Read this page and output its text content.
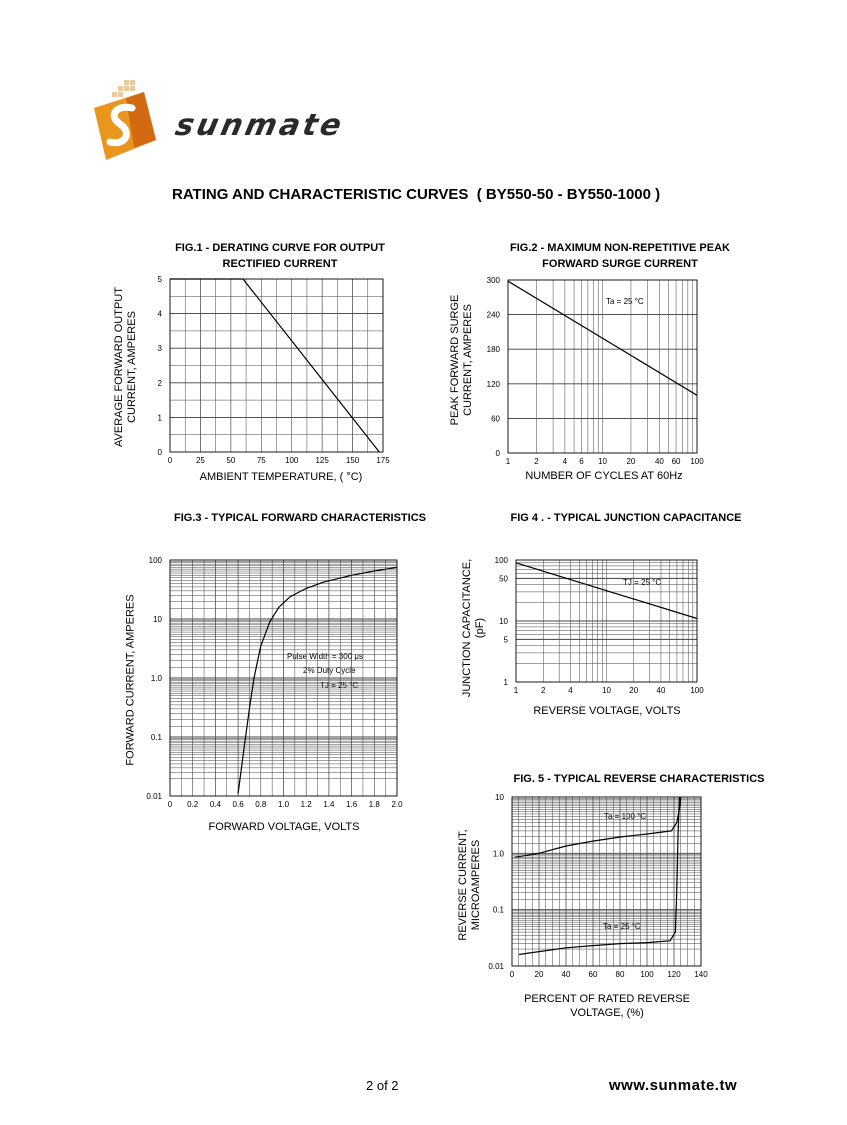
sunmate
RATING AND CHARACTERISTIC CURVES  ( BY550-50 - BY550-1000 )
FIG.1 - DERATING CURVE FOR OUTPUT
RECTIFIED CURRENT
AVERAGE FORWARD OUTPUT
CURRENT, AMPERES
AMBIENT TEMPERATURE, ( °C)
0	25	50	75 100 125 150 175
0
1
2
3
4
5
FIG.2 - MAXIMUM NON-REPETITIVE PEAK
FORWARD SURGE CURRENT
PEAK FORWARD SURGE
CURRENT, AMPERES
NUMBER OF CYCLES AT 60Hz
Ta = 25 °C
1	2	4 6 10 20 40 60 100
0
60
120
180
240
300
FIG.3 - TYPICAL FORWARD CHARACTERISTICS
FORWARD CURRENT, AMPERES
FORWARD VOLTAGE, VOLTS
Pulse Width = 300 μs
2% Duty Cycle
TJ = 25 °C
0 0.2 0.4 0.6 0.8 1.0 1.2 1.4 1.6 1.8 2.0
0.01
0.1
1.0
10
100
FIG 4 . - TYPICAL JUNCTION CAPACITANCE
JUNCTION CAPACITANCE,
(pF)
REVERSE VOLTAGE, VOLTS
TJ = 25 °C
1	2	4	10 20 40	100
1
5
10
50
100
FIG. 5 - TYPICAL REVERSE CHARACTERISTICS
REVERSE CURRENT,
MICROAMPERES
PERCENT OF RATED REVERSE
VOLTAGE, (%)
Ta = 100 °C
Ta = 25 °C
0	20 40 60 80 100 120 140
0.01
0.1
1.0
10
2 of 2	www.sunmate.tw
